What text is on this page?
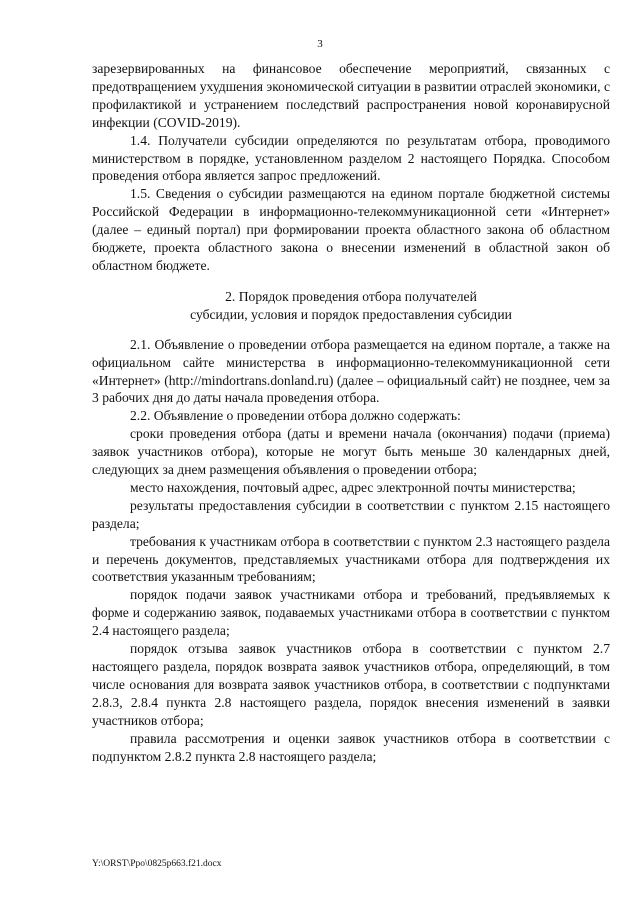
3

зарезервированных на финансовое обеспечение мероприятий, связанных с предотвращением ухудшения экономической ситуации в развитии отраслей экономики, с профилактикой и устранением последствий распространения новой коронавирусной инфекции (COVID-2019).

1.4. Получатели субсидии определяются по результатам отбора, проводимого министерством в порядке, установленном разделом 2 настоящего Порядка. Способом проведения отбора является запрос предложений.

1.5. Сведения о субсидии размещаются на едином портале бюджетной системы Российской Федерации в информационно-телекоммуникационной сети «Интернет» (далее – единый портал) при формировании проекта областного закона об областном бюджете, проекта областного закона о внесении изменений в областной закон об областном бюджете.

2. Порядок проведения отбора получателей
субсидии, условия и порядок предоставления субсидии

2.1. Объявление о проведении отбора размещается на едином портале, а также на официальном сайте министерства в информационно-телекоммуникационной сети «Интернет» (http://mindortrans.donland.ru) (далее – официальный сайт) не позднее, чем за 3 рабочих дня до даты начала проведения отбора.

2.2. Объявление о проведении отбора должно содержать:

сроки проведения отбора (даты и времени начала (окончания) подачи (приема) заявок участников отбора), которые не могут быть меньше 30 календарных дней, следующих за днем размещения объявления о проведении отбора;

место нахождения, почтовый адрес, адрес электронной почты министерства;

результаты предоставления субсидии в соответствии с пунктом 2.15 настоящего раздела;

требования к участникам отбора в соответствии с пунктом 2.3 настоящего раздела и перечень документов, представляемых участниками отбора для подтверждения их соответствия указанным требованиям;

порядок подачи заявок участниками отбора и требований, предъявляемых к форме и содержанию заявок, подаваемых участниками отбора в соответствии с пунктом 2.4 настоящего раздела;

порядок отзыва заявок участников отбора в соответствии с пунктом 2.7 настоящего раздела, порядок возврата заявок участников отбора, определяющий, в том числе основания для возврата заявок участников отбора, в соответствии с подпунктами 2.8.3, 2.8.4 пункта 2.8 настоящего раздела, порядок внесения изменений в заявки участников отбора;

правила рассмотрения и оценки заявок участников отбора в соответствии с подпунктом 2.8.2 пункта 2.8 настоящего раздела;

Y:\ORST\Ppo\0825p663.f21.docx
